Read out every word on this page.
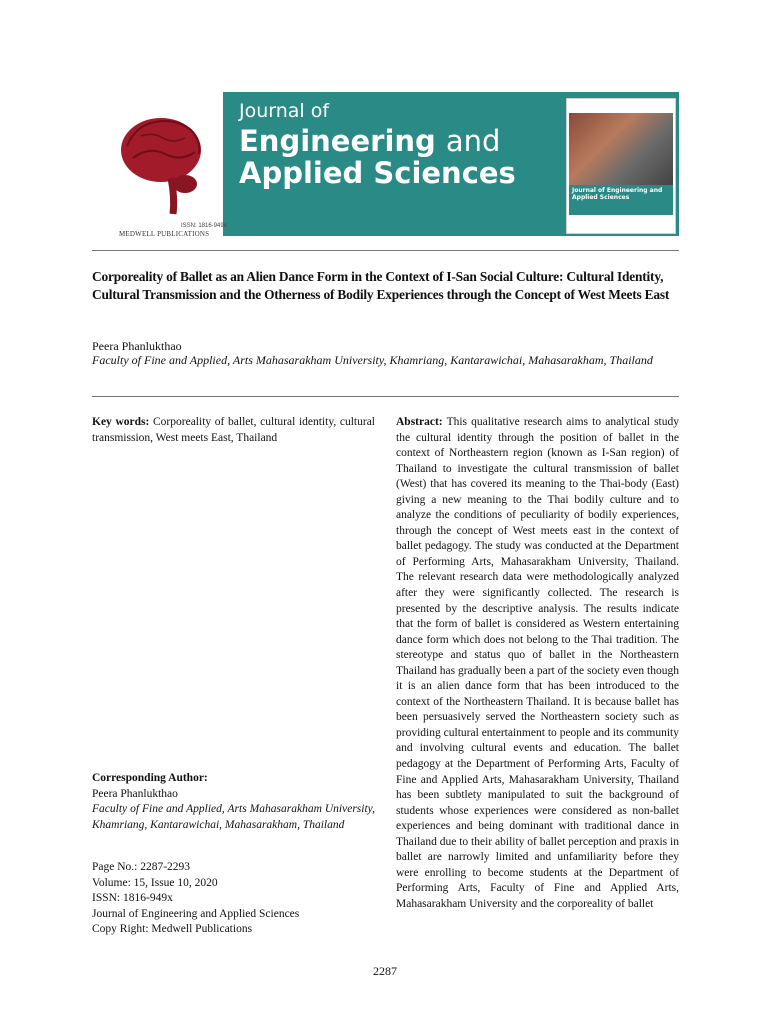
ISSN: 1816-949x
MEDWELL PUBLICATIONS
Journal of
Engineering and
Applied Sciences
Journal of Engineering and Applied Sciences
Corporeality of Ballet as an Alien Dance Form in the Context of I-San Social Culture: Cultural Identity, Cultural Transmission and the Otherness of Bodily Experiences through the Concept of West Meets East
Peera Phanlukthao
Faculty of Fine and Applied, Arts Mahasarakham University, Khamriang, Kantarawichai, Mahasarakham, Thailand
Key words: Corporeality of ballet, cultural identity, cultural transmission, West meets East, Thailand
Corresponding Author:
Peera Phanlukthao
Faculty of Fine and Applied, Arts Mahasarakham University, Khamriang, Kantarawichai, Mahasarakham, Thailand
Page No.: 2287-2293
Volume: 15, Issue 10, 2020
ISSN: 1816-949x
Journal of Engineering and Applied Sciences
Copy Right: Medwell Publications
Abstract: This qualitative research aims to analytical study the cultural identity through the position of ballet in the context of Northeastern region (known as I-San region) of Thailand to investigate the cultural transmission of ballet (West) that has covered its meaning to the Thai-body (East) giving a new meaning to the Thai bodily culture and to analyze the conditions of peculiarity of bodily experiences, through the concept of West meets east in the context of ballet pedagogy. The study was conducted at the Department of Performing Arts, Mahasarakham University, Thailand. The relevant research data were methodologically analyzed after they were significantly collected. The research is presented by the descriptive analysis. The results indicate that the form of ballet is considered as Western entertaining dance form which does not belong to the Thai tradition. The stereotype and status quo of ballet in the Northeastern Thailand has gradually been a part of the society even though it is an alien dance form that has been introduced to the context of the Northeastern Thailand. It is because ballet has been persuasively served the Northeastern society such as providing cultural entertainment to people and its community and involving cultural events and education. The ballet pedagogy at the Department of Performing Arts, Faculty of Fine and Applied Arts, Mahasarakham University, Thailand has been subtlety manipulated to suit the background of students whose experiences were considered as non-ballet experiences and being dominant with traditional dance in Thailand due to their ability of ballet perception and praxis in ballet are narrowly limited and unfamiliarity before they were enrolling to become students at the Department of Performing Arts, Faculty of Fine and Applied Arts, Mahasarakham University and the corporeality of ballet
2287
